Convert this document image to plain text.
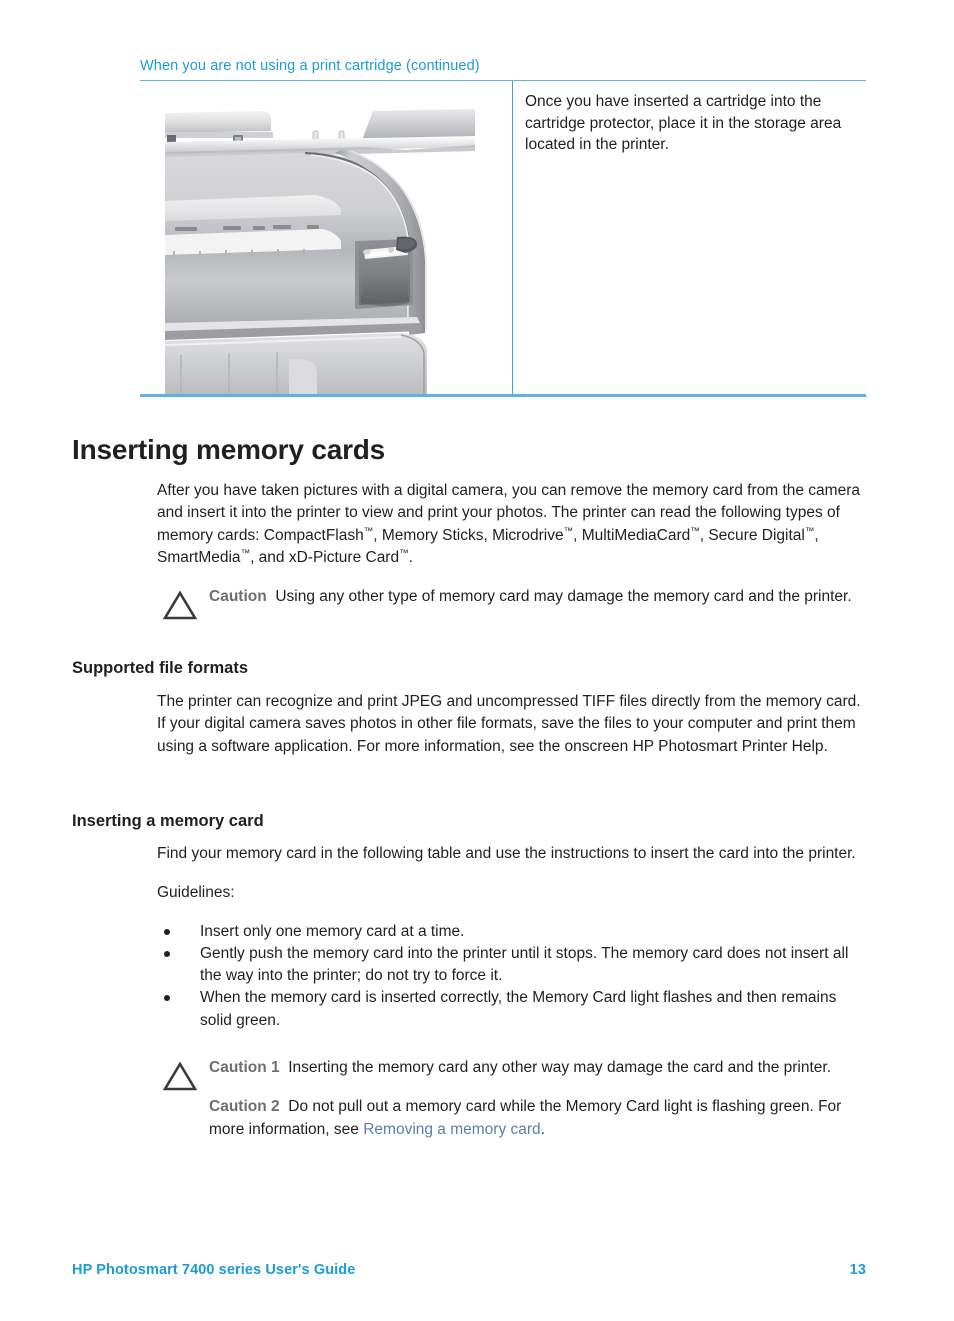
When you are not using a print cartridge (continued)

Once you have inserted a cartridge into the cartridge protector, place it in the storage area located in the printer.

Inserting memory cards

After you have taken pictures with a digital camera, you can remove the memory card from the camera and insert it into the printer to view and print your photos. The printer can read the following types of memory cards: CompactFlash™, Memory Sticks, Microdrive™, MultiMediaCard™, Secure Digital™, SmartMedia™, and xD-Picture Card™.

Caution Using any other type of memory card may damage the memory card and the printer.

Supported file formats

The printer can recognize and print JPEG and uncompressed TIFF files directly from the memory card. If your digital camera saves photos in other file formats, save the files to your computer and print them using a software application. For more information, see the onscreen HP Photosmart Printer Help.

Inserting a memory card

Find your memory card in the following table and use the instructions to insert the card into the printer.

Guidelines:

Insert only one memory card at a time.
Gently push the memory card into the printer until it stops. The memory card does not insert all the way into the printer; do not try to force it.
When the memory card is inserted correctly, the Memory Card light flashes and then remains solid green.

Caution 1 Inserting the memory card any other way may damage the card and the printer.

Caution 2 Do not pull out a memory card while the Memory Card light is flashing green. For more information, see Removing a memory card.

HP Photosmart 7400 series User's Guide	13
